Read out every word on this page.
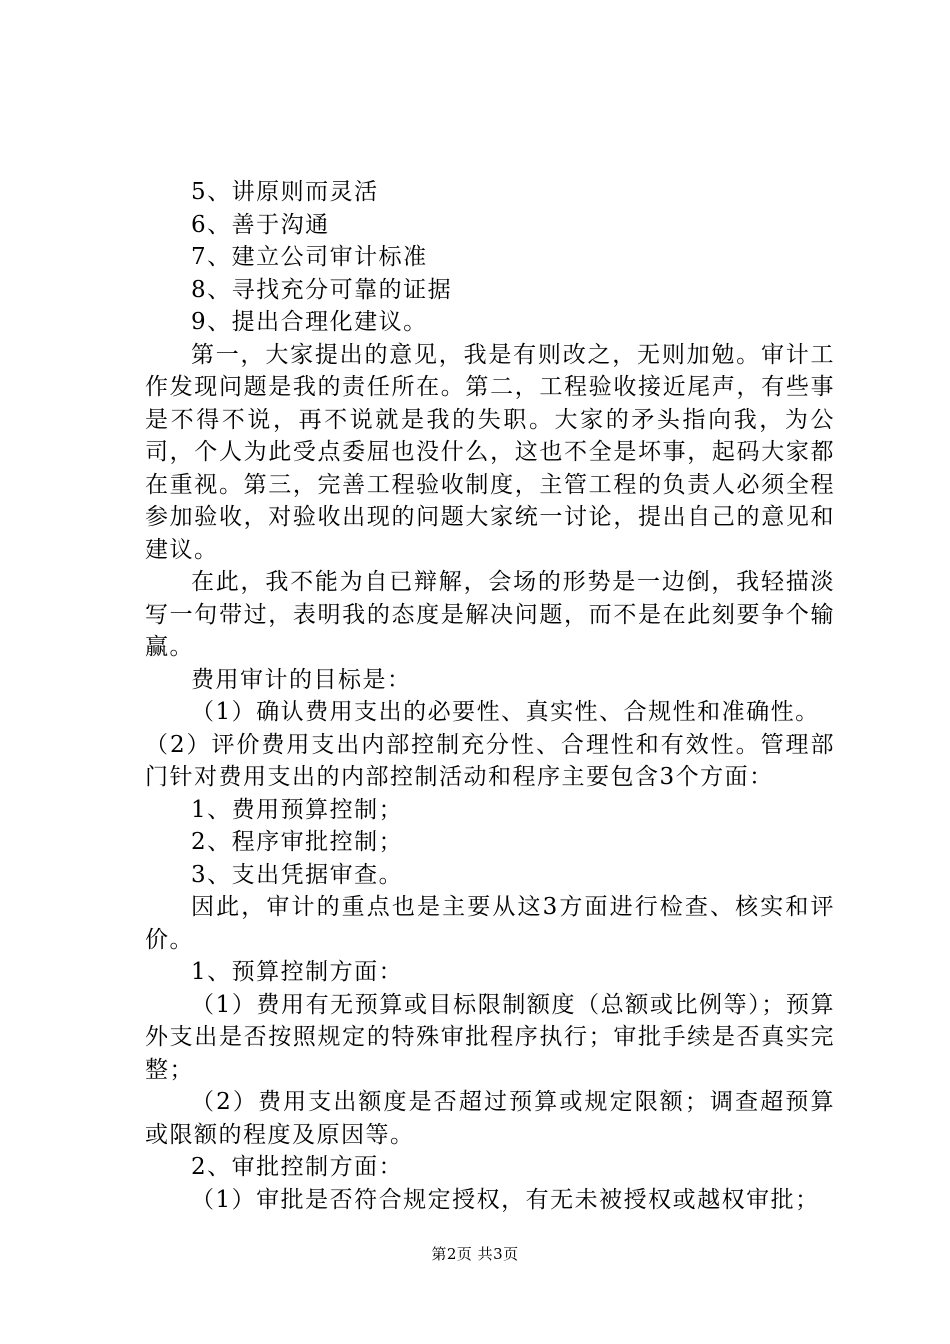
5、讲原则而灵活

6、善于沟通

7、建立公司审计标准

8、寻找充分可靠的证据

9、提出合理化建议。

第一，大家提出的意见，我是有则改之，无则加勉。审计工作发现问题是我的责任所在。第二，工程验收接近尾声，有些事是不得不说，再不说就是我的失职。大家的矛头指向我，为公司，个人为此受点委屈也没什么，这也不全是坏事，起码大家都在重视。第三，完善工程验收制度，主管工程的负责人必须全程参加验收，对验收出现的问题大家统一讨论，提出自己的意见和建议。

在此，我不能为自已辩解，会场的形势是一边倒，我轻描淡写一句带过，表明我的态度是解决问题，而不是在此刻要争个输赢。

费用审计的目标是：

（1）确认费用支出的必要性、真实性、合规性和准确性。

（2）评价费用支出内部控制充分性、合理性和有效性。管理部门针对费用支出的内部控制活动和程序主要包含3个方面：

1、费用预算控制；

2、程序审批控制；

3、支出凭据审查。

因此，审计的重点也是主要从这3方面进行检查、核实和评价。

1、预算控制方面：

（1）费用有无预算或目标限制额度（总额或比例等）；预算外支出是否按照规定的特殊审批程序执行；审批手续是否真实完整；

（2）费用支出额度是否超过预算或规定限额；调查超预算或限额的程度及原因等。

2、审批控制方面：

（1）审批是否符合规定授权，有无未被授权或越权审批；

第2页 共3页
